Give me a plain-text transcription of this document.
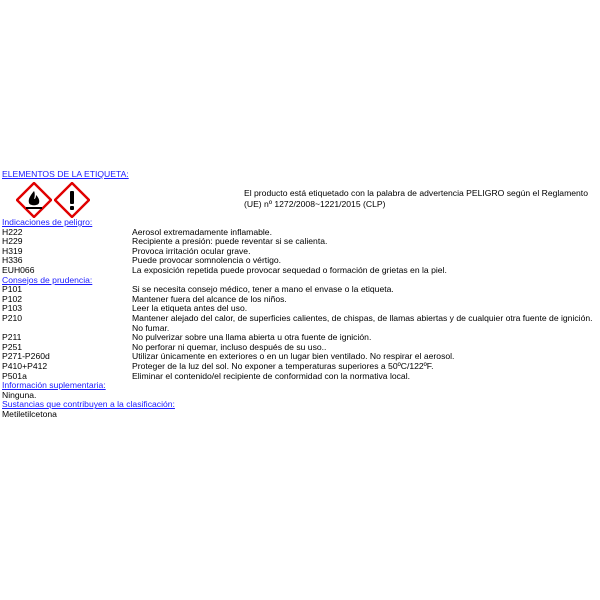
ELEMENTOS DE LA ETIQUETA:
El producto está etiquetado con la palabra de advertencia PELIGRO según el Reglamento (UE) nº 1272/2008~1221/2015 (CLP)
Indicaciones de peligro:
H222	Aerosol extremadamente inflamable.
H229	Recipiente a presión: puede reventar si se calienta.
H319	Provoca irritación ocular grave.
H336	Puede provocar somnolencia o vértigo.
EUH066	La exposición repetida puede provocar sequedad o formación de grietas en la piel.
Consejos de prudencia:
P101	Si se necesita consejo médico, tener a mano el envase o la etiqueta.
P102	Mantener fuera del alcance de los niños.
P103	Leer la etiqueta antes del uso.
P210	Mantener alejado del calor, de superficies calientes, de chispas, de llamas abiertas y de cualquier otra fuente de ignición. No fumar.
P211	No pulverizar sobre una llama abierta u otra fuente de ignición.
P251	No perforar ni quemar, incluso después de su uso..
P271-P260d	Utilizar únicamente en exteriores o en un lugar bien ventilado. No respirar el aerosol.
P410+P412	Proteger de la luz del sol. No exponer a temperaturas superiores a 50ºC/122ºF.
P501a	Eliminar el contenido/el recipiente de conformidad con la normativa local.
Información suplementaria:
Ninguna.
Sustancias que contribuyen a la clasificación:
Metiletilcetona
